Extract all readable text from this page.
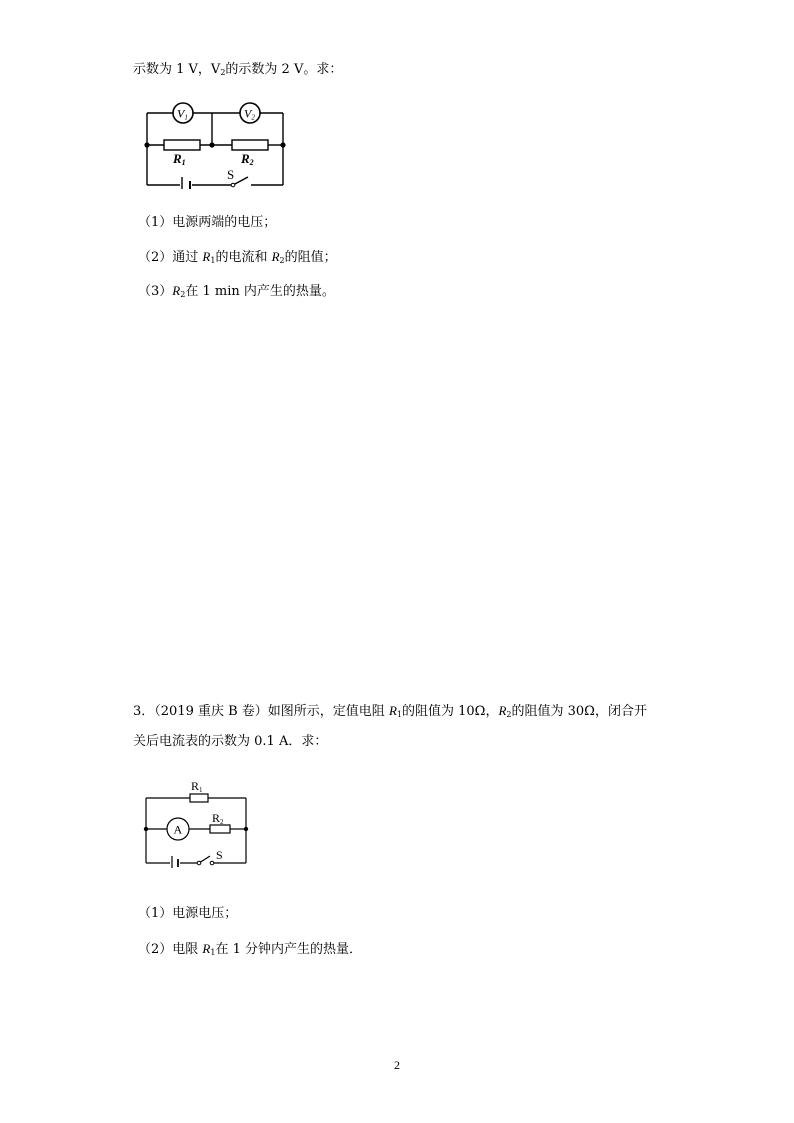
示数为 1 V，$V_2$的示数为 2 V。求：
V1	V2
R1	R2
S
（1）电源两端的电压；
（2）通过 $R_1$的电流和 $R_2$的阻值；
$(3)R_2$在 1 min 内产生的热量。
3．（2019 重庆 B 卷）如图所示，定值电阻 $R_1$的阻值为 10Ω，$R_2$的阻值为 30Ω，闭合开
关后电流表的示数为 0.1 A．求：
A
R1
R2
S
（1）电源电压；
（2）电限 $R_1$在 1 分钟内产生的热量．
2
